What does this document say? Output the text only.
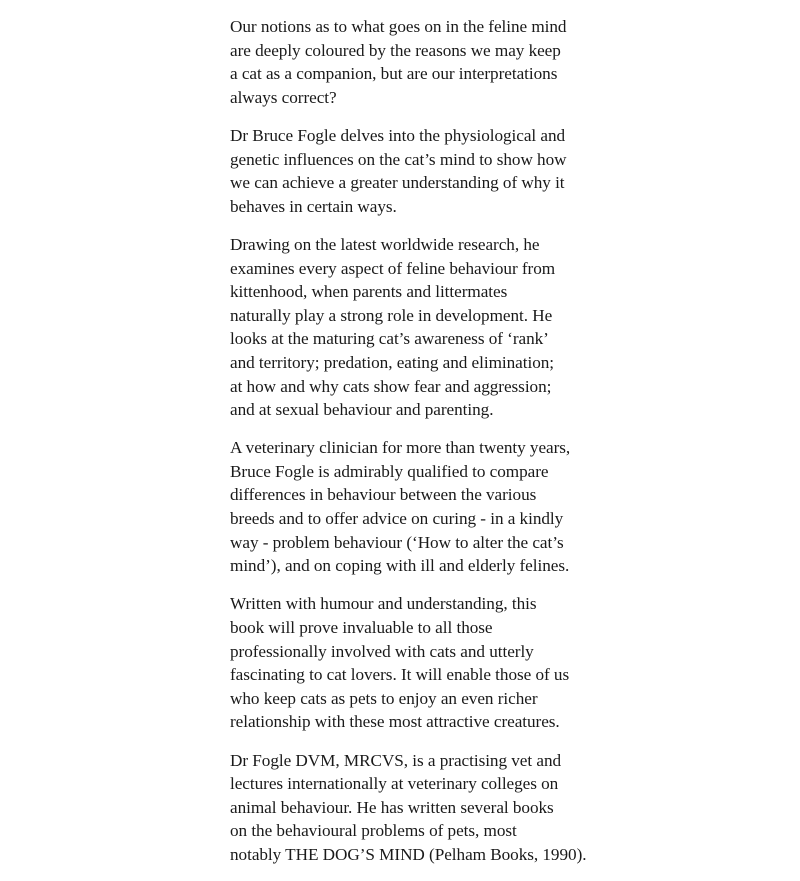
Our notions as to what goes on in the feline mind
are deeply coloured by the reasons we may keep
a cat as a companion, but are our interpretations
always correct?

Dr Bruce Fogle delves into the physiological and
genetic influences on the cat’s mind to show how
we can achieve a greater understanding of why it
behaves in certain ways.

Drawing on the latest worldwide research, he
examines every aspect of feline behaviour from
kittenhood, when parents and littermates
naturally play a strong role in development. He
looks at the maturing cat’s awareness of ‘rank’
and territory; predation, eating and elimination;
at how and why cats show fear and aggression;
and at sexual behaviour and parenting.

A veterinary clinician for more than twenty years,
Bruce Fogle is admirably qualified to compare
differences in behaviour between the various
breeds and to offer advice on curing - in a kindly
way - problem behaviour (‘How to alter the cat’s
mind’), and on coping with ill and elderly felines.

Written with humour and understanding, this
book will prove invaluable to all those
professionally involved with cats and utterly
fascinating to cat lovers. It will enable those of us
who keep cats as pets to enjoy an even richer
relationship with these most attractive creatures.

Dr Fogle DVM, MRCVS, is a practising vet and
lectures internationally at veterinary colleges on
animal behaviour. He has written several books
on the behavioural problems of pets, most
notably THE DOG’S MIND (Pelham Books, 1990).
